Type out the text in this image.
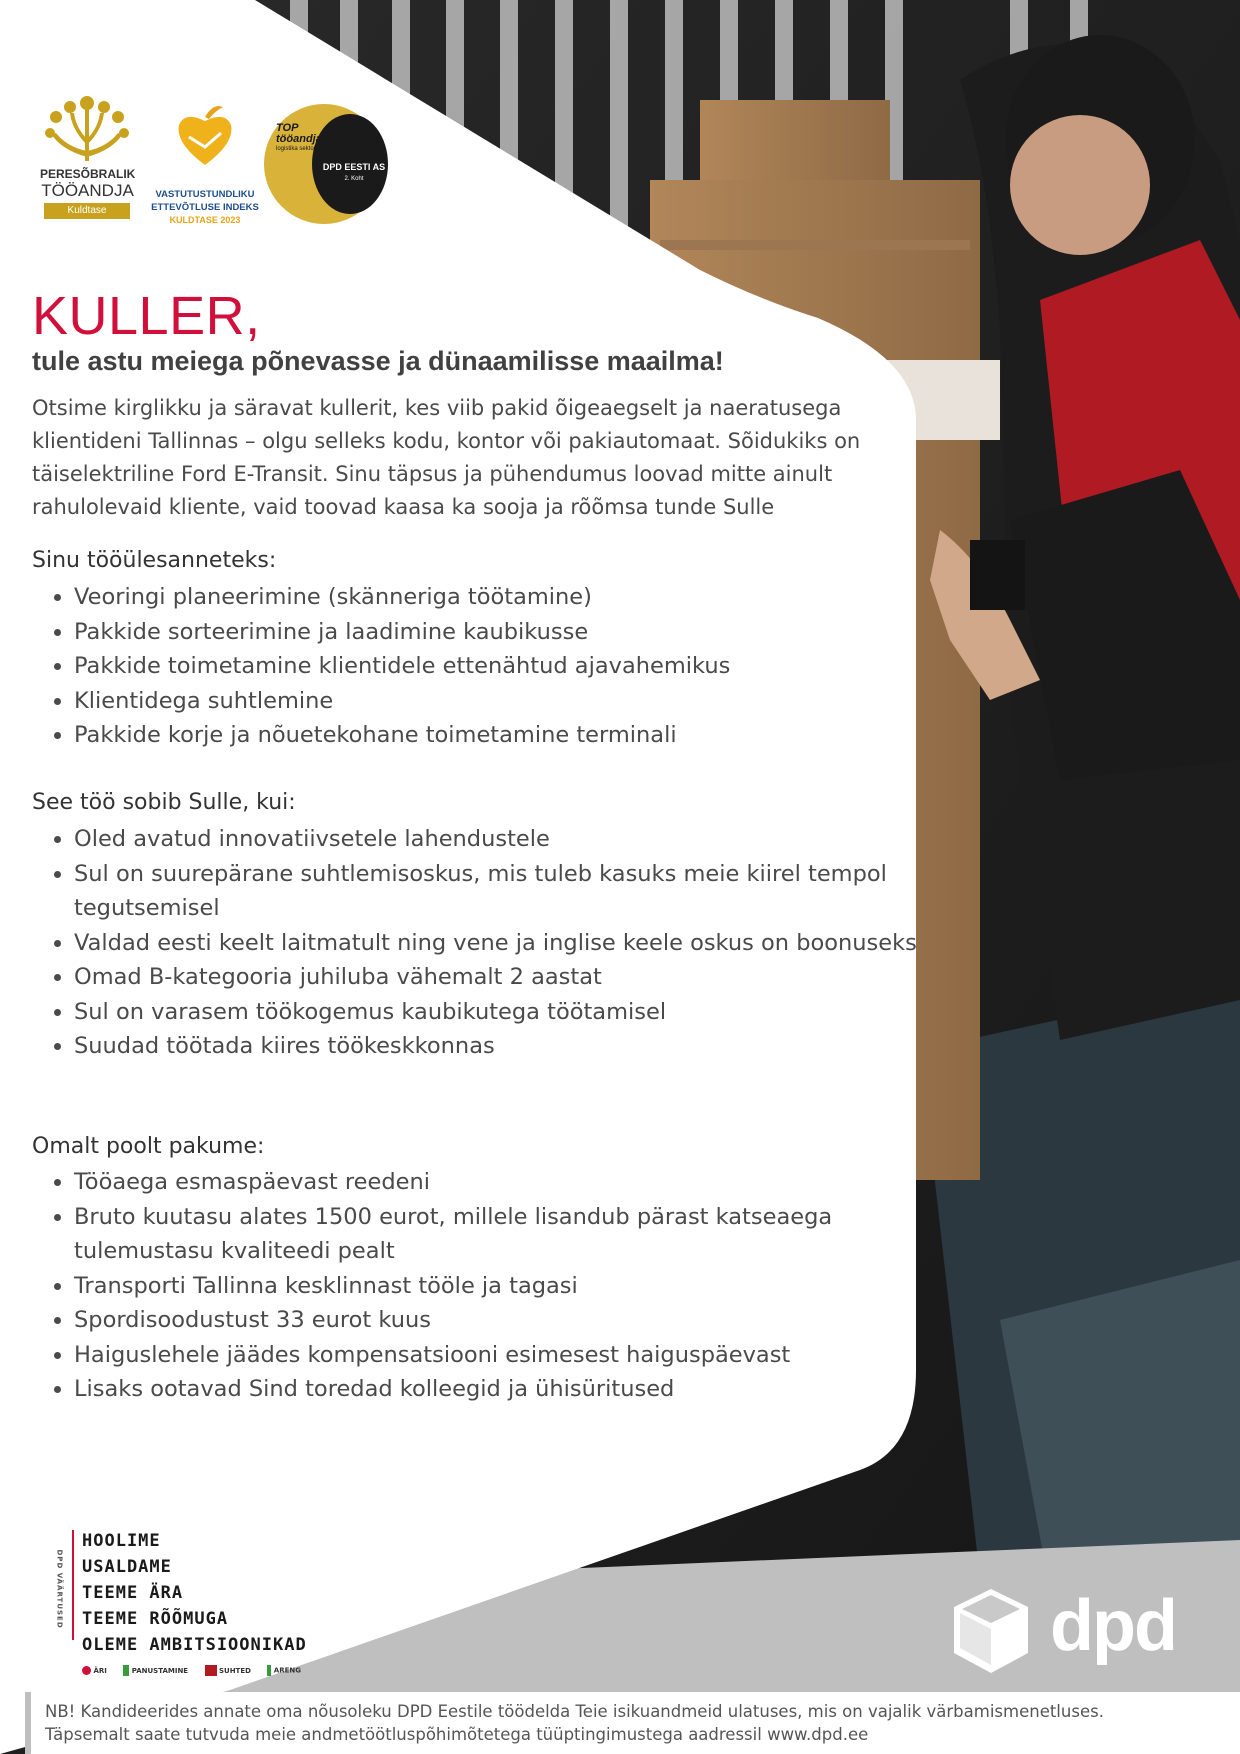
PERESÕBRALIK
TÖÖANDJA
Kuldtase
VASTUTUSTUNDLIKU
ETTEVÕTLUSE INDEKS
KULDTASE 2023
TOP
tööandja
logistika sektoris
DPD EESTI AS
2. Koht
KULLER,
tule astu meiega põnevasse ja dünaamilisse maailma!
Otsime kirglikku ja säravat kullerit, kes viib pakid õigeaegselt ja naeratusega klientideni Tallinnas – olgu selleks kodu, kontor või pakiautomaat. Sõidukiks on täiselektriline Ford E-Transit. Sinu täpsus ja pühendumus loovad mitte ainult rahulolevaid kliente, vaid toovad kaasa ka sooja ja rõõmsa tunde Sulle
Sinu tööülesanneteks:
• Veoringi planeerimine (skänneriga töötamine)
• Pakkide sorteerimine ja laadimine kaubikusse
• Pakkide toimetamine klientidele ettenähtud ajavahemikus
• Klientidega suhtlemine
• Pakkide korje ja nõuetekohane toimetamine terminali
See töö sobib Sulle, kui:
• Oled avatud innovatiivsetele lahendustele
• Sul on suurepärane suhtlemisoskus, mis tuleb kasuks meie kiirel tempol tegutsemisel
• Valdad eesti keelt laitmatult ning vene ja inglise keele oskus on boonuseks
• Omad B-kategooria juhiluba vähemalt 2 aastat
• Sul on varasem töökogemus kaubikutega töötamisel
• Suudad töötada kiires töökeskkonnas
Omalt poolt pakume:
• Tööaega esmaspäevast reedeni
• Bruto kuutasu alates 1500 eurot, millele lisandub pärast katseaega tulemustasu kvaliteedi pealt
• Transporti Tallinna kesklinnast tööle ja tagasi
• Spordisoodustust 33 eurot kuus
• Haiguslehele jäädes kompensatsiooni esimesest haiguspäevast
• Lisaks ootavad Sind toredad kolleegid ja ühisüritused
DPD VÄÄRTUSED
HOOLIME
USALDAME
TEEME ÄRA
TEEME RÕÕMUGA
OLEME AMBITSIOONIKAD
ÄRI	PANUSTAMINE	SUHTED	ARENG
dpd
NB! Kandideerides annate oma nõusoleku DPD Eestile töödelda Teie isikuandmeid ulatuses, mis on vajalik värbamismenetluses.
Täpsemalt saate tutvuda meie andmetöötluspõhimõtetega tüüptingimustega aadressil www.dpd.ee
